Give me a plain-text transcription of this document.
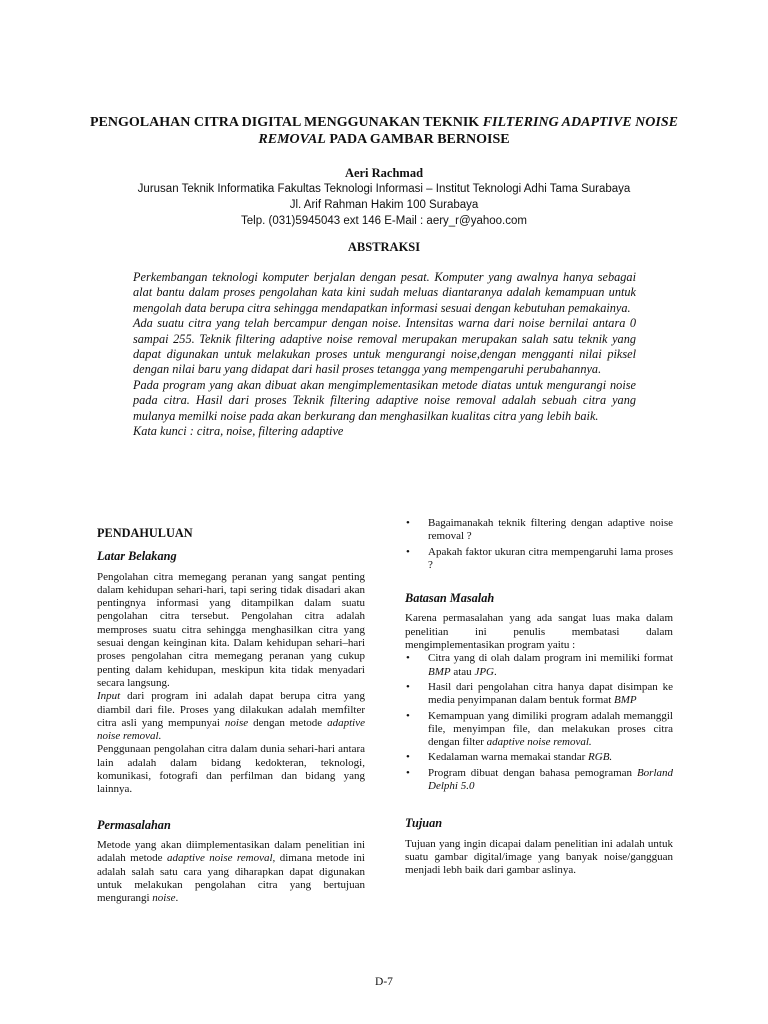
PENGOLAHAN CITRA DIGITAL MENGGUNAKAN TEKNIK FILTERING ADAPTIVE NOISE REMOVAL PADA GAMBAR BERNOISE
Aeri Rachmad
Jurusan Teknik Informatika Fakultas Teknologi Informasi – Institut Teknologi Adhi Tama Surabaya
Jl. Arif Rahman Hakim 100 Surabaya
Telp. (031)5945043 ext 146 E-Mail : aery_r@yahoo.com
ABSTRAKSI

Perkembangan teknologi komputer berjalan dengan pesat. Komputer yang awalnya hanya sebagai alat bantu dalam proses pengolahan kata kini sudah meluas diantaranya adalah kemampuan untuk mengolah data berupa citra sehingga mendapatkan informasi sesuai dengan kebutuhan pemakainya.

Ada suatu citra yang telah bercampur dengan noise. Intensitas warna dari noise bernilai antara 0 sampai 255. Teknik filtering adaptive noise removal merupakan merupakan salah satu teknik yang dapat digunakan untuk melakukan proses untuk mengurangi noise,dengan mengganti nilai piksel dengan nilai baru yang didapat dari hasil proses tetangga yang mempengaruhi perubahannya.

Pada program yang akan dibuat akan mengimplementasikan metode diatas untuk mengurangi noise pada citra. Hasil dari proses Teknik filtering adaptive noise removal adalah sebuah citra yang mulanya memilki noise pada akan berkurang dan menghasilkan kualitas citra yang lebih baik.

Kata kunci : citra, noise, filtering adaptive

PENDAHULUAN
Latar Belakang

Pengolahan citra memegang peranan yang sangat penting dalam kehidupan sehari-hari, tapi sering tidak disadari akan pentingnya informasi yang ditampilkan dalam suatu pengolahan citra tersebut. Pengolahan citra adalah memproses suatu citra sehingga menghasilkan citra yang sesuai dengan keinginan kita. Dalam kehidupan sehari–hari proses pengolahan citra memegang peranan yang cukup penting dalam kehidupan, meskipun kita tidak menyadari secara langsung.

Input dari program ini adalah dapat berupa citra yang diambil dari file. Proses yang dilakukan adalah memfilter citra asli yang mempunyai noise dengan metode adaptive noise removal.

Penggunaan pengolahan citra dalam dunia sehari-hari antara lain adalah dalam bidang kedokteran, teknologi, komunikasi, fotografi dan perfilman dan bidang yang lainnya.

Permasalahan

Metode yang akan diimplementasikan dalam penelitian ini adalah metode adaptive noise removal, dimana metode ini adalah salah satu cara yang diharapkan dapat digunakan untuk melakukan pengolahan citra yang bertujuan mengurangi noise.

• Bagaimanakah teknik filtering dengan adaptive noise removal ?
• Apakah faktor ukuran citra mempengaruhi lama proses ?
Batasan Masalah

Karena permasalahan yang ada sangat luas maka dalam penelitian ini penulis membatasi dalam mengimplementasikan program yaitu :

• Citra yang di olah dalam program ini memiliki format BMP atau JPG.
• Hasil dari pengolahan citra hanya dapat disimpan ke media penyimpanan dalam bentuk format BMP
• Kemampuan yang dimiliki program adalah memanggil file, menyimpan file, dan melakukan proses citra dengan filter adaptive noise removal.
• Kedalaman warna memakai standar RGB.
• Program dibuat dengan bahasa pemograman Borland Delphi 5.0
Tujuan

Tujuan yang ingin dicapai dalam penelitian ini adalah untuk suatu gambar digital/image yang banyak noise/gangguan menjadi lebh baik dari gambar aslinya.

D-7
